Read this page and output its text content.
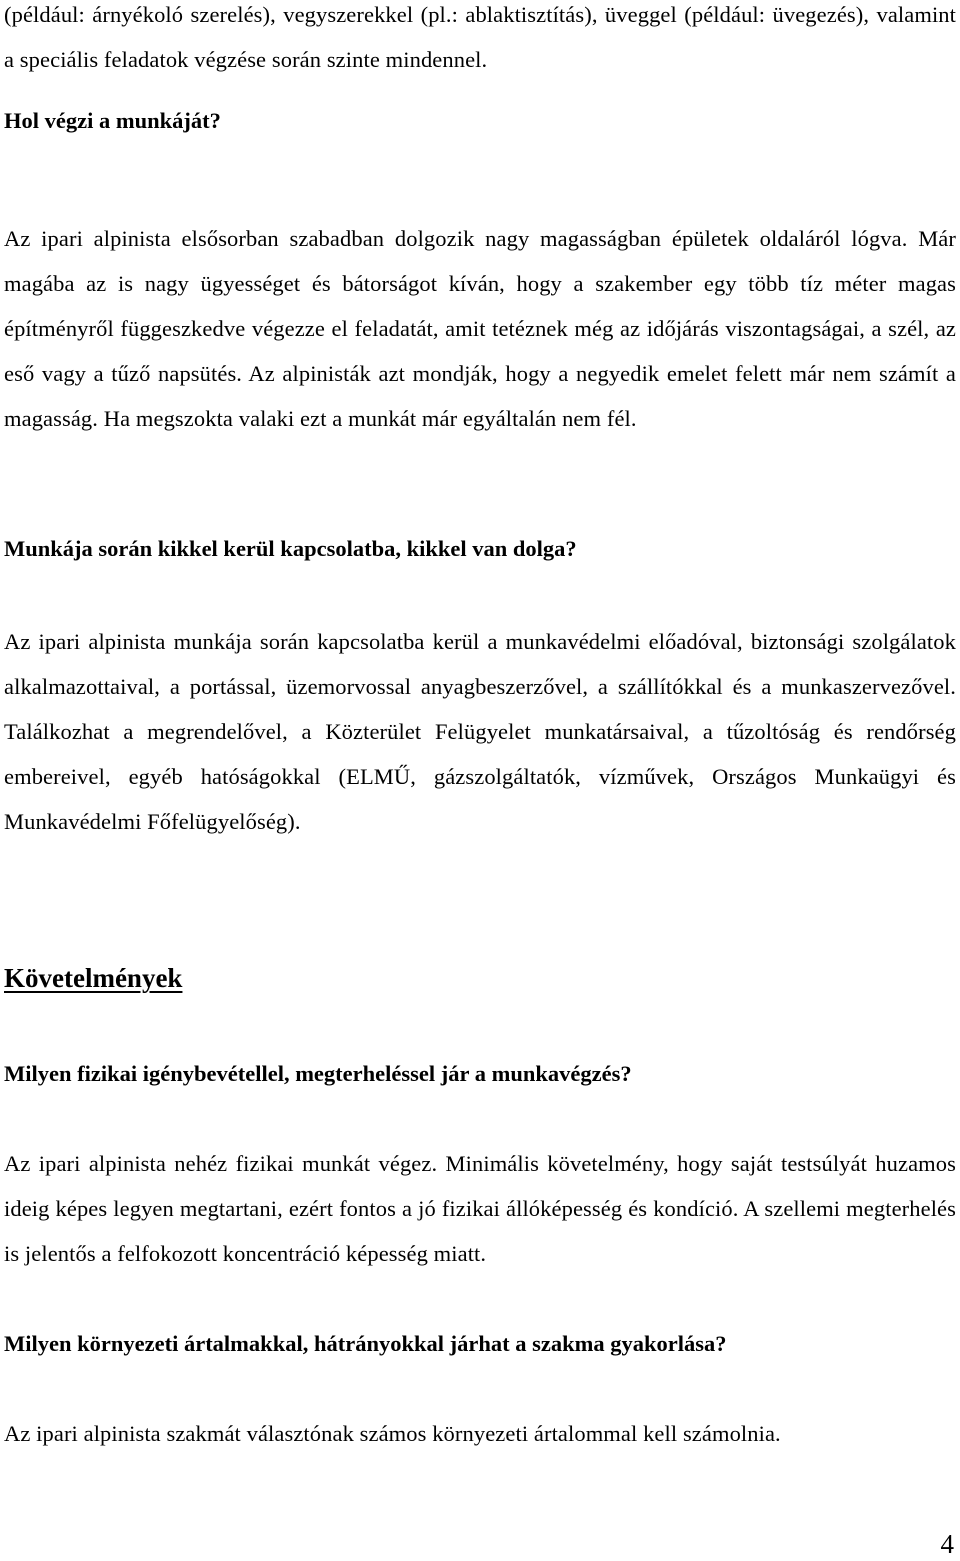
(például: árnyékoló szerelés), vegyszerekkel (pl.: ablaktisztítás), üveggel (például: üvegezés), valamint a speciális feladatok végzése során szinte mindennel.

Hol végzi a munkáját?

Az ipari alpinista elsősorban szabadban dolgozik nagy magasságban épületek oldaláról lógva. Már magába az is nagy ügyességet és bátorságot kíván, hogy a szakember egy több tíz méter magas építményről függeszkedve végezze el feladatát, amit tetéznek még az időjárás viszontagságai, a szél, az eső vagy a tűző napsütés. Az alpinisták azt mondják, hogy a negyedik emelet felett már nem számít a magasság. Ha megszokta valaki ezt a munkát már egyáltalán nem fél.

Munkája során kikkel kerül kapcsolatba, kikkel van dolga?

Az ipari alpinista munkája során kapcsolatba kerül a munkavédelmi előadóval, biztonsági szolgálatok alkalmazottaival, a portással, üzemorvossal anyagbeszerzővel, a szállítókkal és a munkaszervezővel. Találkozhat a megrendelővel, a Közterület Felügyelet munkatársaival, a tűzoltóság és rendőrség embereivel, egyéb hatóságokkal (ELMŰ, gázszolgáltatók, vízművek, Országos Munkaügyi és Munkavédelmi Főfelügyelőség).

Követelmények

Milyen fizikai igénybevétellel, megterheléssel jár a munkavégzés?

Az ipari alpinista nehéz fizikai munkát végez. Minimális követelmény, hogy saját testsúlyát huzamos ideig képes legyen megtartani, ezért fontos a jó fizikai állóképesség és kondíció. A szellemi megterhelés is jelentős a felfokozott koncentráció képesség miatt.

Milyen környezeti ártalmakkal, hátrányokkal járhat a szakma gyakorlása?

Az ipari alpinista szakmát választónak számos környezeti ártalommal kell számolnia.

4
